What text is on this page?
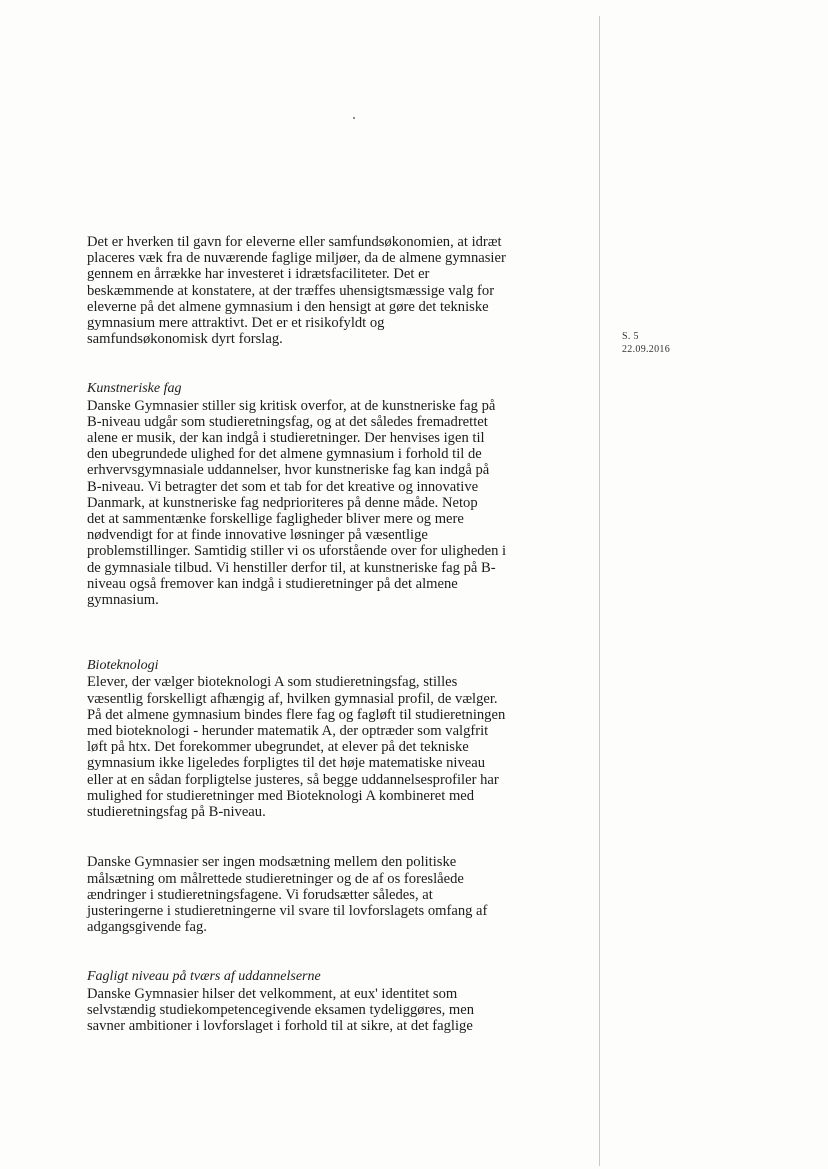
S. 5
22.09.2016
Det er hverken til gavn for eleverne eller samfundsøkonomien, at idræt
placeres væk fra de nuværende faglige miljøer, da de almene gymnasier
gennem en årrække har investeret i idrætsfaciliteter. Det er
beskæmmende at konstatere, at der træffes uhensigtsmæssige valg for
eleverne på det almene gymnasium i den hensigt at gøre det tekniske
gymnasium mere attraktivt. Det er et risikofyldt og
samfundsøkonomisk dyrt forslag.
Kunstneriske fag
Danske Gymnasier stiller sig kritisk overfor, at de kunstneriske fag på
B-niveau udgår som studieretningsfag, og at det således fremadrettet
alene er musik, der kan indgå i studieretninger. Der henvises igen til
den ubegrundede ulighed for det almene gymnasium i forhold til de
erhvervsgymnasiale uddannelser, hvor kunstneriske fag kan indgå på
B-niveau. Vi betragter det som et tab for det kreative og innovative
Danmark, at kunstneriske fag nedprioriteres på denne måde. Netop
det at sammentænke forskellige fagligheder bliver mere og mere
nødvendigt for at finde innovative løsninger på væsentlige
problemstillinger. Samtidig stiller vi os uforstående over for uligheden i
de gymnasiale tilbud. Vi henstiller derfor til, at kunstneriske fag på B-
niveau også fremover kan indgå i studieretninger på det almene
gymnasium.
Bioteknologi
Elever, der vælger bioteknologi A som studieretningsfag, stilles
væsentlig forskelligt afhængig af, hvilken gymnasial profil, de vælger.
På det almene gymnasium bindes flere fag og fagløft til studieretningen
med bioteknologi - herunder matematik A, der optræder som valgfrit
løft på htx. Det forekommer ubegrundet, at elever på det tekniske
gymnasium ikke ligeledes forpligtes til det høje matematiske niveau
eller at en sådan forpligtelse justeres, så begge uddannelsesprofiler har
mulighed for studieretninger med Bioteknologi A kombineret med
studieretningsfag på B-niveau.
Danske Gymnasier ser ingen modsætning mellem den politiske
målsætning om målrettede studieretninger og de af os foreslåede
ændringer i studieretningsfagene. Vi forudsætter således, at
justeringerne i studieretningerne vil svare til lovforslagets omfang af
adgangsgivende fag.
Fagligt niveau på tværs af uddannelserne
Danske Gymnasier hilser det velkomment, at eux' identitet som
selvstændig studiekompetencegivende eksamen tydeliggøres, men
savner ambitioner i lovforslaget i forhold til at sikre, at det faglige
